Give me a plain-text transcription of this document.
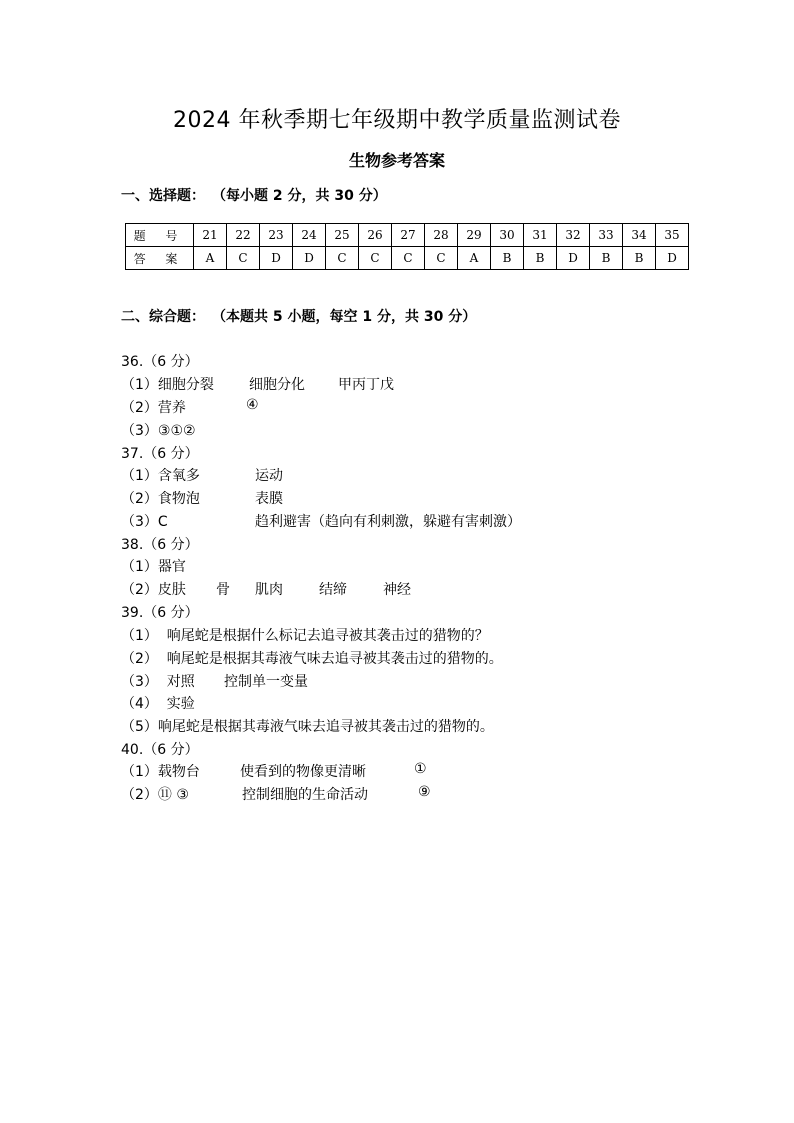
2024 年秋季期七年级期中教学质量监测试卷
生物参考答案
一、选择题： （每小题 2 分，共 30 分）
题 号	21	22	23	24	25	26	27	28	29	30	31	32	33	34	35
答 案	A	C	D	D	C	C	C	C	A	B	B	D	B	B	D
二、综合题： （本题共 5 小题，每空 1 分，共 30 分）
36.（6 分）

（1）细胞分裂

	细胞分化

甲丙丁戊

（2）营养

	④

（3）③①②
37.（6 分）

（1）含氧多

	运动

（2）食物泡

	表膜

（3）C

	趋利避害（趋向有利刺激，躲避有害刺激）

38.（6 分）
（1）器官

（2）皮肤

骨

肌肉

	结缔

	神经

39.（6 分）
（1）  响尾蛇是根据什么标记去追寻被其袭击过的猎物的？
（2）  响尾蛇是根据其毒液气味去追寻被其袭击过的猎物的。

（3）  对照

控制单一变量

（4）  实验
（5）响尾蛇是根据其毒液气味去追寻被其袭击过的猎物的。
40.（6 分）

（1）载物台

	使看到的物像更清晰

	①

（2）⑪ ③

	控制细胞的生命活动

	⑨
